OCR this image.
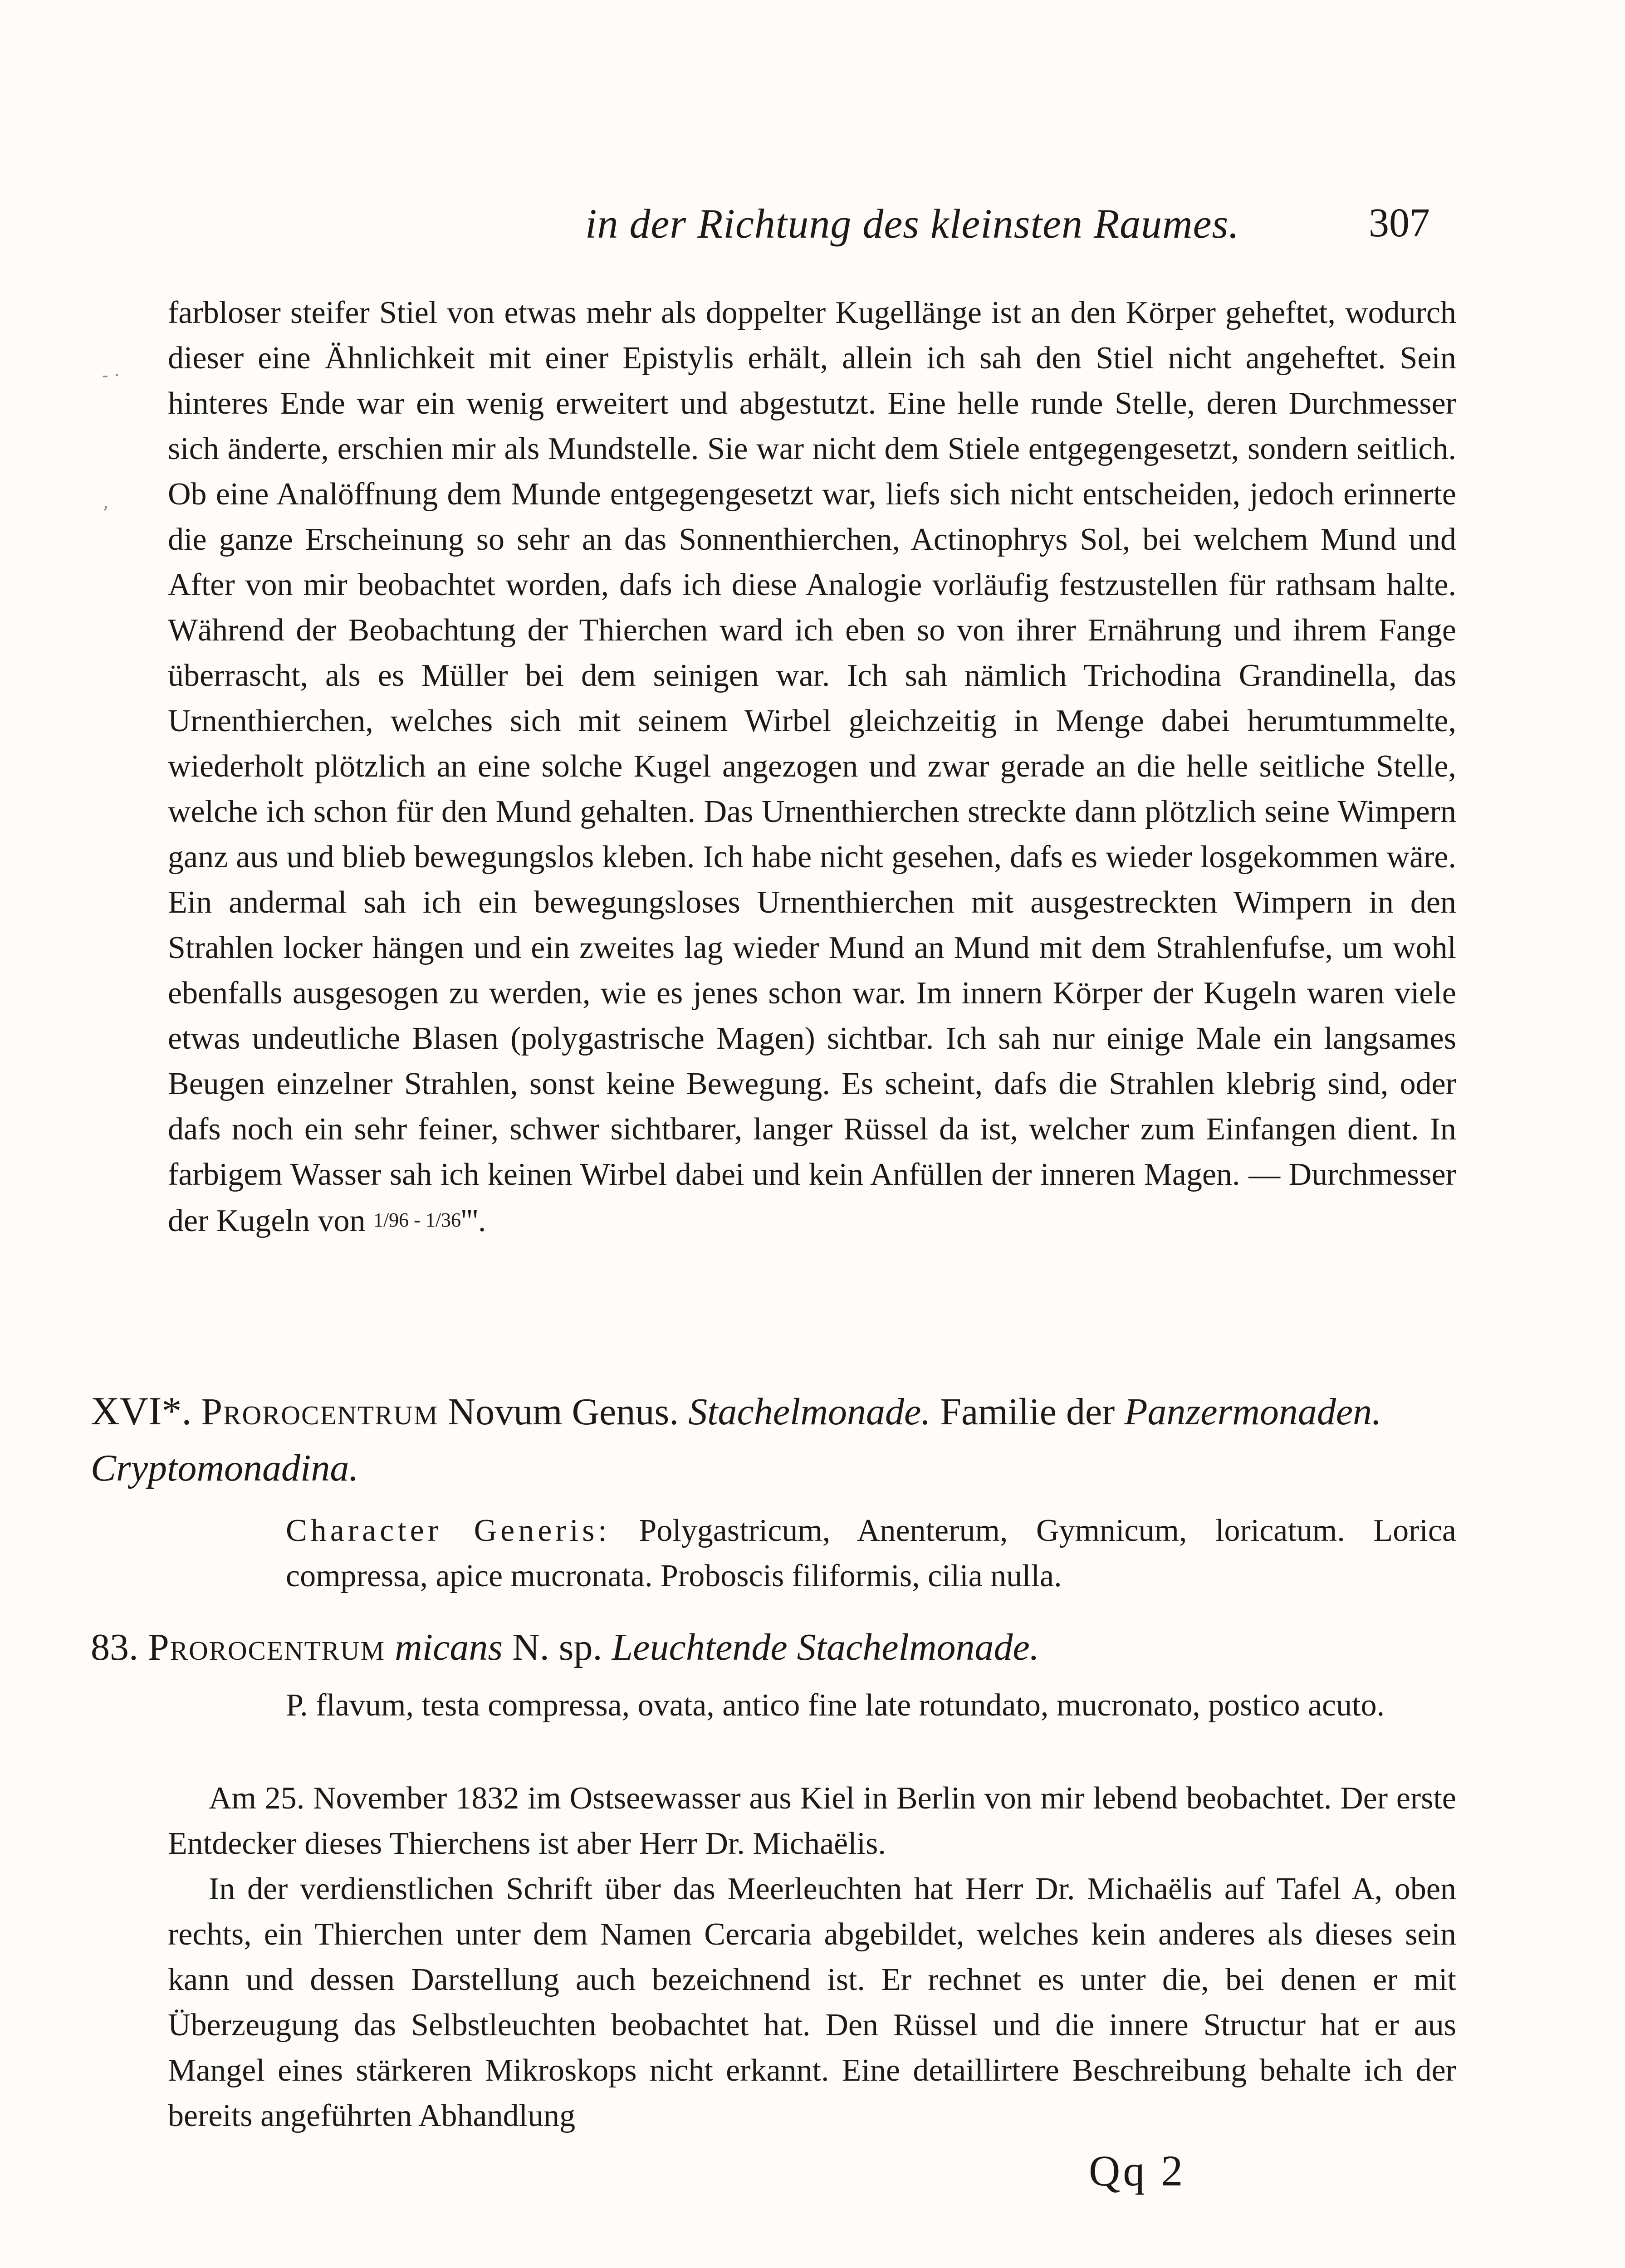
in der Richtung des kleinsten Raumes.	307
- ·
ʼ

farbloser steifer Stiel von etwas mehr als doppelter Kugellänge ist an den Körper geheftet, wodurch dieser eine Ähnlichkeit mit einer Epistylis erhält, allein ich sah den Stiel nicht angeheftet. Sein hinteres Ende war ein wenig erweitert und abgestutzt. Eine helle runde Stelle, deren Durchmesser sich änderte, erschien mir als Mundstelle. Sie war nicht dem Stiele entgegengesetzt, sondern seitlich. Ob eine Analöffnung dem Munde entgegengesetzt war, liefs sich nicht entscheiden, jedoch erinnerte die ganze Erscheinung so sehr an das Sonnenthierchen, Actinophrys Sol, bei welchem Mund und After von mir beobachtet worden, dafs ich diese Analogie vorläufig festzustellen für rathsam halte. Während der Beobachtung der Thierchen ward ich eben so von ihrer Ernährung und ihrem Fange überrascht, als es Müller bei dem seinigen war. Ich sah nämlich Trichodina Grandinella, das Urnenthierchen, welches sich mit seinem Wirbel gleichzeitig in Menge dabei herumtummelte, wiederholt plötzlich an eine solche Kugel angezogen und zwar gerade an die helle seitliche Stelle, welche ich schon für den Mund gehalten. Das Urnenthierchen streckte dann plötzlich seine Wimpern ganz aus und blieb bewegungslos kleben. Ich habe nicht gesehen, dafs es wieder losgekommen wäre. Ein andermal sah ich ein bewegungsloses Urnenthierchen mit ausgestreckten Wimpern in den Strahlen locker hängen und ein zweites lag wieder Mund an Mund mit dem Strahlenfufse, um wohl ebenfalls ausgesogen zu werden, wie es jenes schon war. Im innern Körper der Kugeln waren viele etwas undeutliche Blasen (polygastrische Magen) sichtbar. Ich sah nur einige Male ein langsames Beugen einzelner Strahlen, sonst keine Bewegung. Es scheint, dafs die Strahlen klebrig sind, oder dafs noch ein sehr feiner, schwer sichtbarer, langer Rüssel da ist, welcher zum Einfangen dient. In farbigem Wasser sah ich keinen Wirbel dabei und kein Anfüllen der inneren Magen. — Durchmesser der Kugeln von 1/96 - 1/36'''.

XVI*. Prorocentrum Novum Genus. Stachelmonade. Familie der Panzermonaden. Cryptomonadina.

Character Generis: Polygastricum, Anenterum, Gymnicum, loricatum. Lorica compressa, apice mucronata. Proboscis filiformis, cilia nulla.

83. Prorocentrum micans N. sp. Leuchtende Stachelmonade.

P. flavum, testa compressa, ovata, antico fine late rotundato, mucronato, postico acuto.

Am 25. November 1832 im Ostseewasser aus Kiel in Berlin von mir lebend beobachtet. Der erste Entdecker dieses Thierchens ist aber Herr Dr. Michaëlis.

In der verdienstlichen Schrift über das Meerleuchten hat Herr Dr. Michaëlis auf Tafel A, oben rechts, ein Thierchen unter dem Namen Cercaria abgebildet, welches kein anderes als dieses sein kann und dessen Darstellung auch bezeichnend ist. Er rechnet es unter die, bei denen er mit Überzeugung das Selbstleuchten beobachtet hat. Den Rüssel und die innere Structur hat er aus Mangel eines stärkeren Mikroskops nicht erkannt. Eine detaillirtere Beschreibung behalte ich der bereits angeführten Abhandlung

Qq 2
